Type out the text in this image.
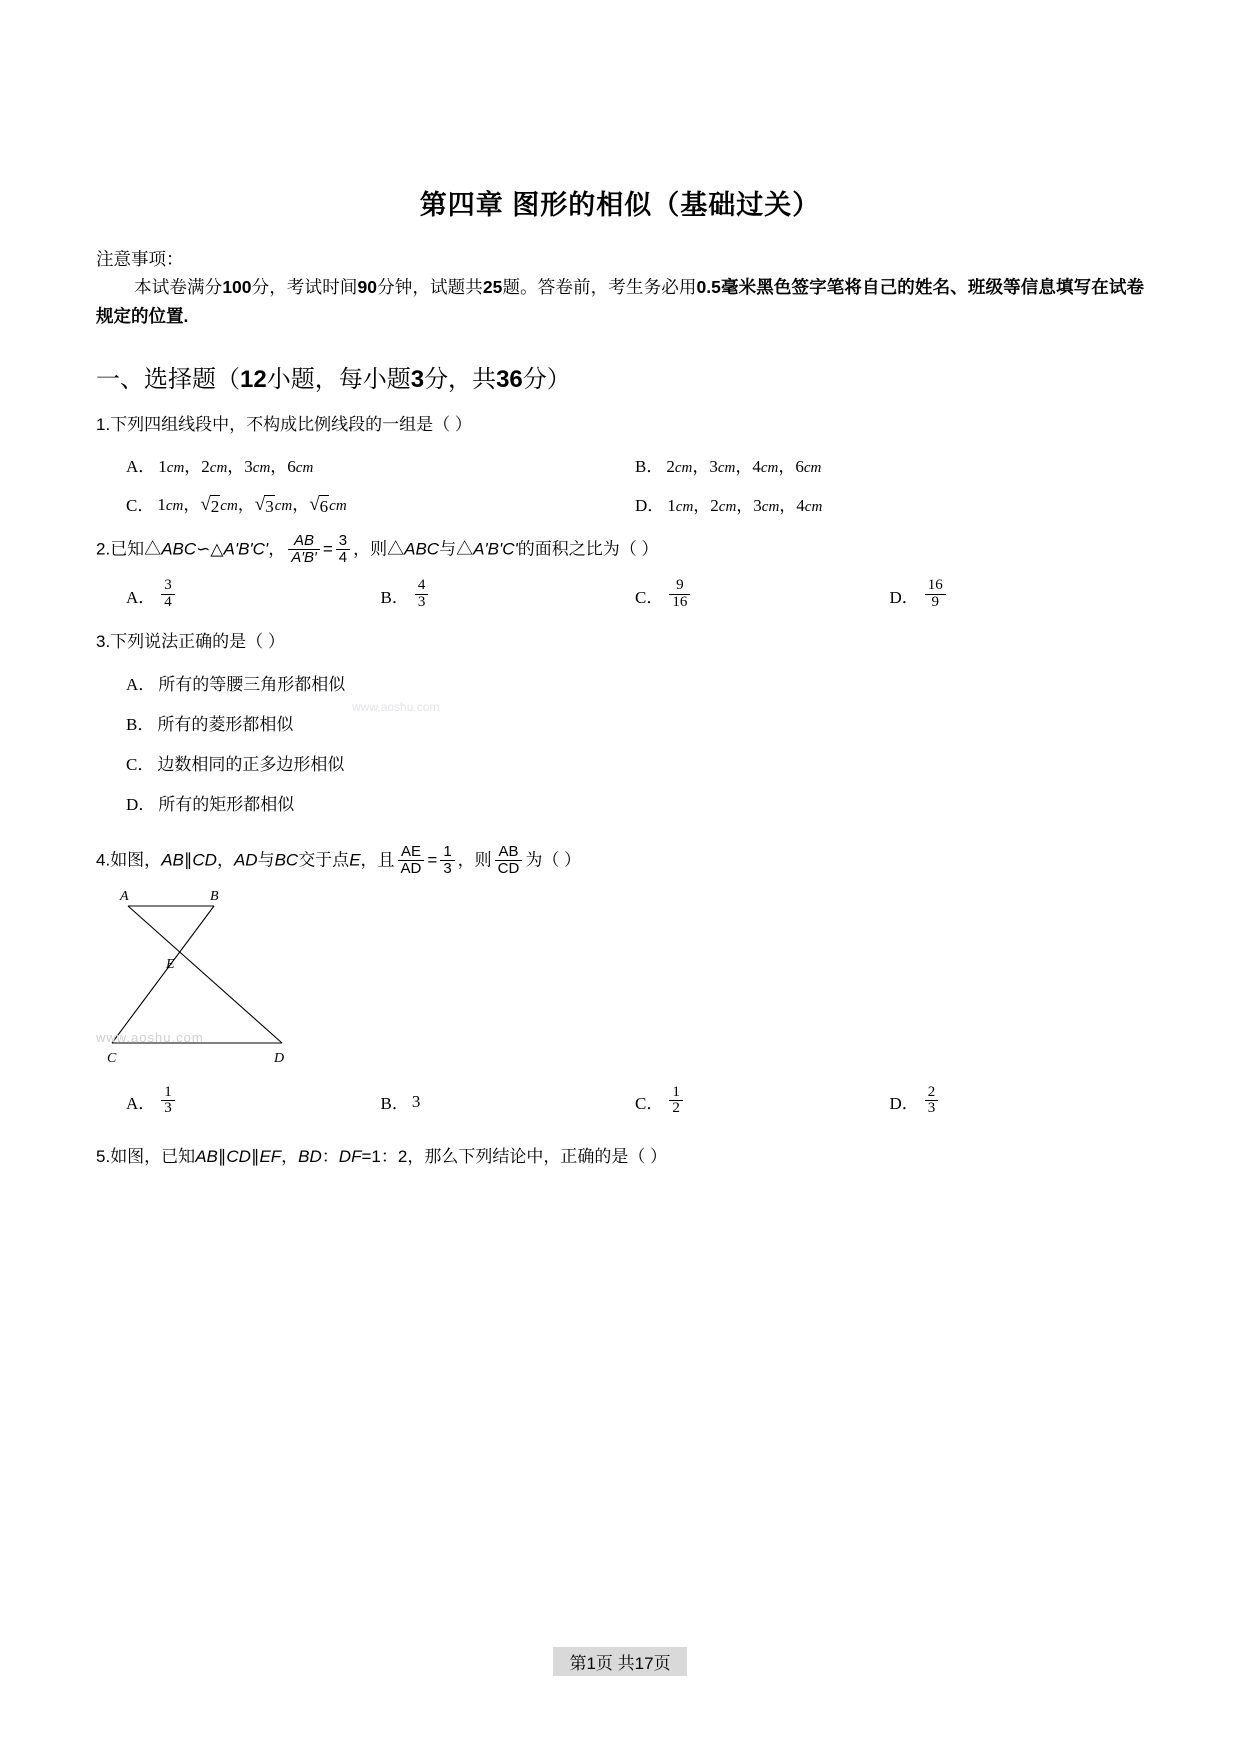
第四章 图形的相似（基础过关）
注意事项：
本试卷满分100分，考试时间90分钟，试题共25题。答卷前，考生务必用0.5毫米黑色签字笔将自己的姓名、班级等信息填写在试卷规定的位置.
一、选择题（12小题，每小题3分，共36分）
1.下列四组线段中，不构成比例线段的一组是（ ）
A． 1cm，2cm，3cm，6cm	B． 2cm，3cm，4cm，6cm
C． 1cm， √ 2 cm， √ 3 cm， √ 6 cm	D． 1cm，2cm，3cm，4cm
2.已知△ABC∽△A'B'C'， $\frac{AB}{A'B'} = \frac{3}{4}$ ，则△ABC与△A'B'C'的面积之比为（ ）
A． $\frac{3}{4}$	B． $\frac{4}{3}$	C． $\frac{9}{16}$	D． $\frac{16}{9}$
3.下列说法正确的是（ ）
A． 所有的等腰三角形都相似
B． 所有的菱形都相似
C． 边数相同的正多边形相似
D． 所有的矩形都相似
4.如图，AB∥CD，AD与BC交于点E，且 $\frac{AE}{AD} = \frac{1}{3}$ ，则 $\frac{AB}{CD}$ 为（ ）
A	B
E
C	D
A． $\frac{1}{3}$	B． 3	C． $\frac{1}{2}$	D． $\frac{2}{3}$
5.如图，已知AB∥CD∥EF，BD：DF=1：2，那么下列结论中，正确的是（ ）
www.aoshu.com
www.aoshu.com
第1页 共17页
